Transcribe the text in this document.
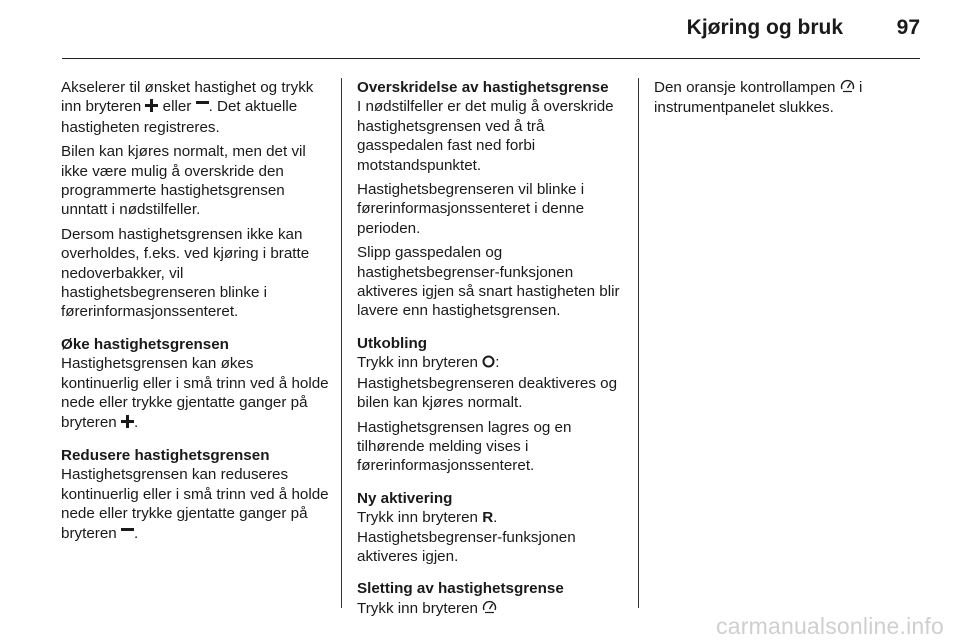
Kjøring og bruk	97

Akselerer til ønsket hastighet og trykk inn bryteren  eller . Det aktuelle hastigheten registreres.

Bilen kan kjøres normalt, men det vil ikke være mulig å overskride den programmerte hastighetsgrensen unntatt i nødstilfeller.

Dersom hastighetsgrensen ikke kan overholdes, f.eks. ved kjøring i bratte nedoverbakker, vil hastighetsbegrenseren blinke i førerinformasjonssenteret.

Øke hastighetsgrensen

Hastighetsgrensen kan økes kontinuerlig eller i små trinn ved å holde nede eller trykke gjentatte ganger på bryteren .

Redusere hastighetsgrensen

Hastighetsgrensen kan reduseres kontinuerlig eller i små trinn ved å holde nede eller trykke gjentatte ganger på bryteren .

Overskridelse av hastighetsgrense

I nødstilfeller er det mulig å overskride hastighetsgrensen ved å trå gasspedalen fast ned forbi motstandspunktet.

Hastighetsbegrenseren vil blinke i førerinformasjonssenteret i denne perioden.

Slipp gasspedalen og hastighetsbegrenser-funksjonen aktiveres igjen så snart hastigheten blir lavere enn hastighetsgrensen.

Utkobling

Trykk inn bryteren : Hastighetsbegrenseren deaktiveres og bilen kan kjøres normalt.

Hastighetsgrensen lagres og en tilhørende melding vises i førerinformasjonssenteret.

Ny aktivering

Trykk inn bryteren R. Hastighetsbegrenser-funksjonen aktiveres igjen.

Sletting av hastighetsgrense

Trykk inn bryteren

Den oransje kontrollampen  i instrumentpanelet slukkes.

carmanualsonline.info
